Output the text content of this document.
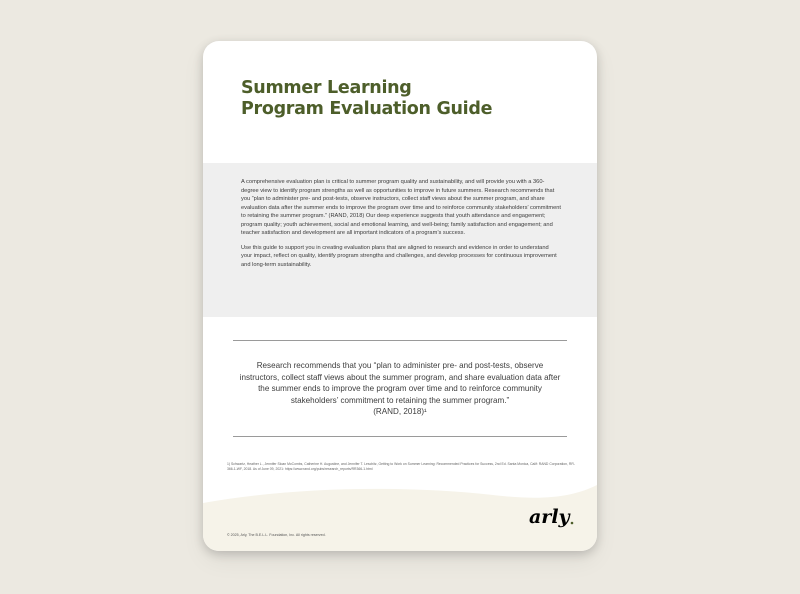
Summer Learning
Program Evaluation Guide

A comprehensive evaluation plan is critical to summer program quality and sustainability, and will provide you with a 360-degree view to identify program strengths as well as opportunities to improve in future summers. Research recommends that you “plan to administer pre- and post-tests, observe instructors, collect staff views about the summer program, and share evaluation data after the summer ends to improve the program over time and to reinforce community stakeholders’ commitment to retaining the summer program.” (RAND, 2018) Our deep experience suggests that youth attendance and engagement; program quality; youth achievement, social and emotional learning, and well-being; family satisfaction and engagement; and teacher satisfaction and development are all important indicators of a program’s success.

Use this guide to support you in creating evaluation plans that are aligned to research and evidence in order to understand your impact, reflect on quality, identify program strengths and challenges, and develop processes for continuous improvement and long-term sustainability.

Research recommends that you “plan to administer pre- and post-tests, observe instructors, collect staff views about the summer program, and share evaluation data after the summer ends to improve the program over time and to reinforce community stakeholders’ commitment to retaining the summer program.”
(RAND, 2018)¹
1) Schwartz, Heather L., Jennifer Sloan McCombs, Catherine H. Augustine, and Jennifer T. Leschitz, Getting to Work on Summer Learning: Recommended Practices for Success, 2nd Ed. Santa Monica, Calif: RAND Corporation, RR-366-1-WF, 2018. As of June 09, 2021: https://www.rand.org/pubs/research_reports/RR366-1.html
© 2025, Arly, The B.E.L.L. Foundation, Inc. All rights reserved.
arly
